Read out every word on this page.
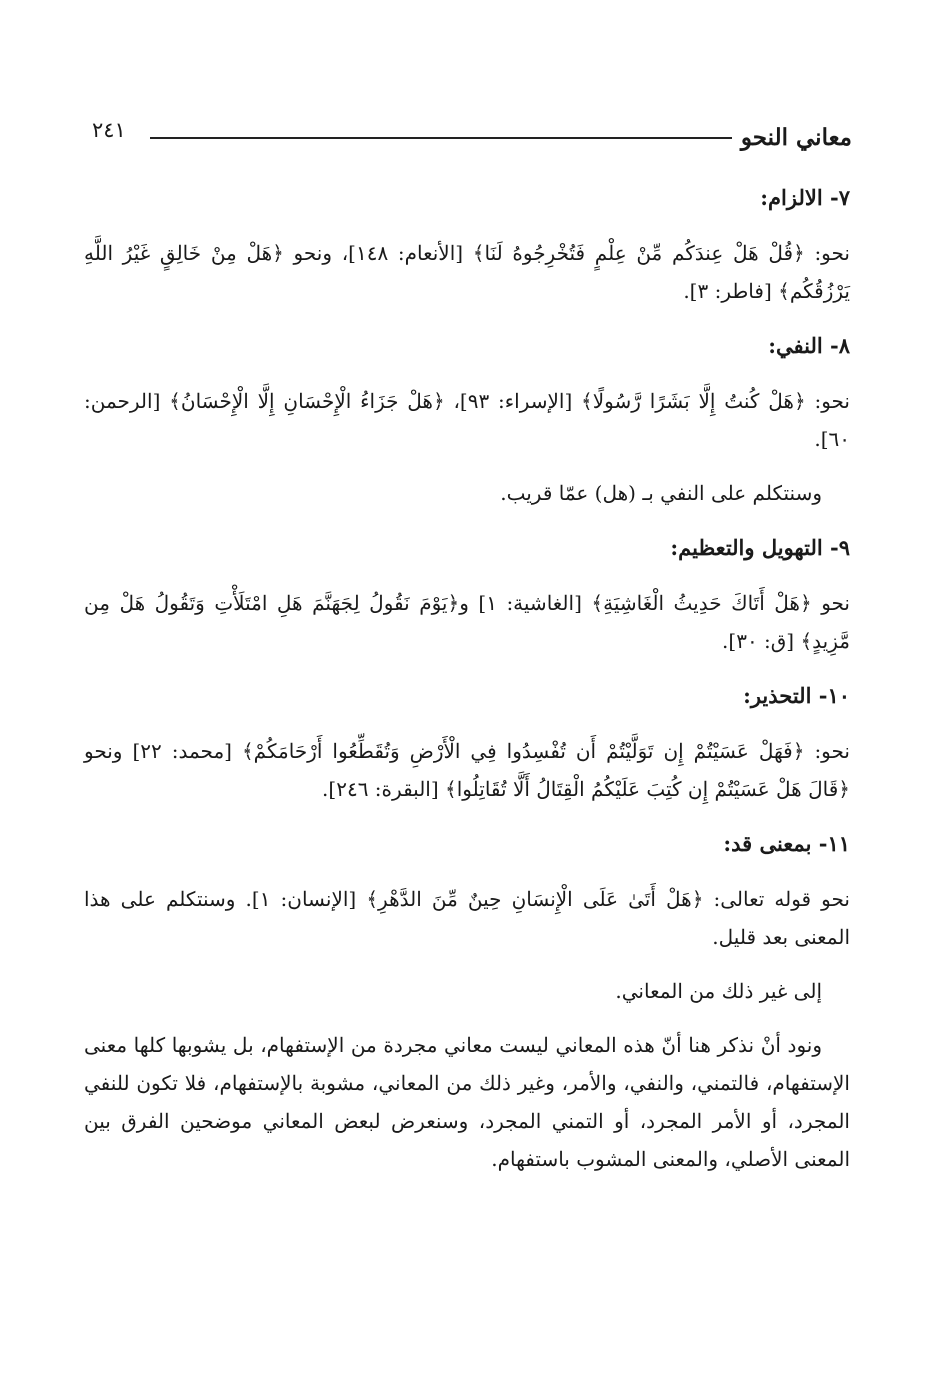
٢٤١	معاني النحو
٧- الالزام:

نحو: ﴿قُلْ هَلْ عِندَكُم مِّنْ عِلْمٍ فَتُخْرِجُوهُ لَنَا﴾ [الأنعام: ١٤٨]، ونحو ﴿هَلْ مِنْ خَالِقٍ غَيْرُ اللَّهِ يَرْزُقُكُم﴾ [فاطر: ٣].

٨- النفي:

نحو: ﴿هَلْ كُنتُ إِلَّا بَشَرًا رَّسُولًا﴾ [الإسراء: ٩٣]، ﴿هَلْ جَزَاءُ الْإِحْسَانِ إِلَّا الْإِحْسَانُ﴾ [الرحمن: ٦٠].

وسنتكلم على النفي بـ (هل) عمّا قريب.

٩- التهويل والتعظيم:

نحو ﴿هَلْ أَتَاكَ حَدِيثُ الْغَاشِيَةِ﴾ [الغاشية: ١] و﴿يَوْمَ نَقُولُ لِجَهَنَّمَ هَلِ امْتَلَأْتِ وَتَقُولُ هَلْ مِن مَّزِيدٍ﴾ [ق: ٣٠].

١٠- التحذير:

نحو: ﴿فَهَلْ عَسَيْتُمْ إِن تَوَلَّيْتُمْ أَن تُفْسِدُوا فِي الْأَرْضِ وَتُقَطِّعُوا أَرْحَامَكُمْ﴾ [محمد: ٢٢] ونحو ﴿قَالَ هَلْ عَسَيْتُمْ إِن كُتِبَ عَلَيْكُمُ الْقِتَالُ أَلَّا تُقَاتِلُوا﴾ [البقرة: ٢٤٦].

١١- بمعنى قد:

نحو قوله تعالى: ﴿هَلْ أَتَىٰ عَلَى الْإِنسَانِ حِينٌ مِّنَ الدَّهْرِ﴾ [الإنسان: ١]. وسنتكلم على هذا المعنى بعد قليل.

إلى غير ذلك من المعاني.

ونود أنْ نذكر هنا أنّ هذه المعاني ليست معاني مجردة من الإستفهام، بل يشوبها كلها معنى الإستفهام، فالتمني، والنفي، والأمر، وغير ذلك من المعاني، مشوبة بالإستفهام، فلا تكون للنفي المجرد، أو الأمر المجرد، أو التمني المجرد، وسنعرض لبعض المعاني موضحين الفرق بين المعنى الأصلي، والمعنى المشوب باستفهام.
